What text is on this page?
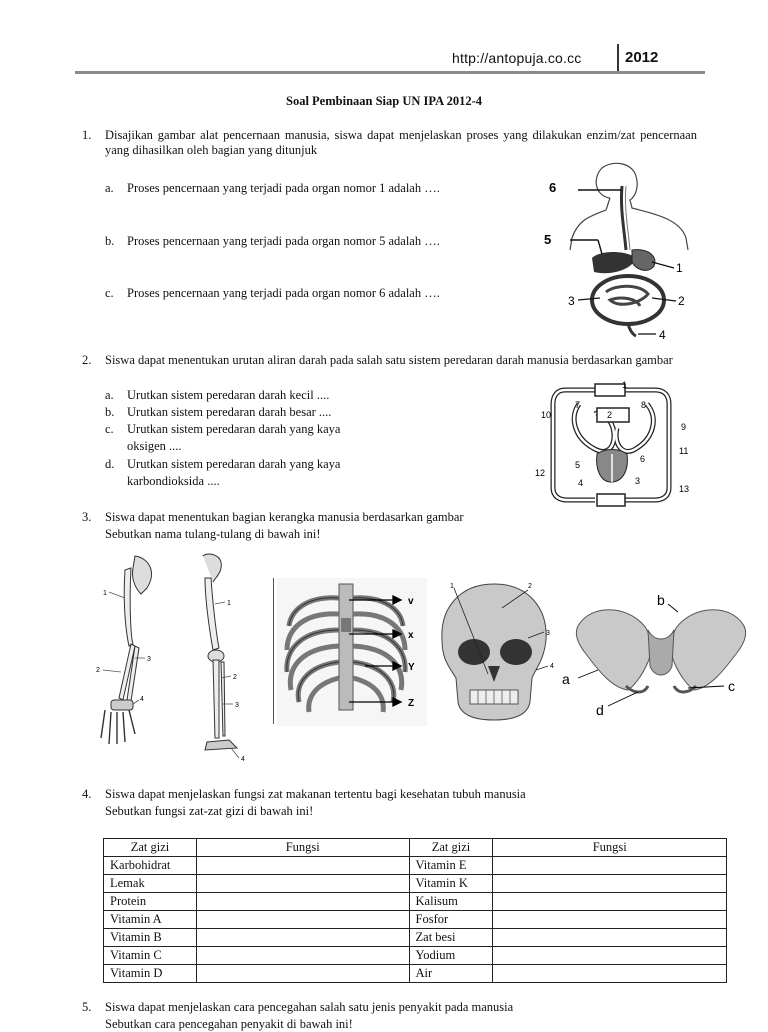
http://antopuja.co.cc	2012
Soal Pembinaan Siap UN IPA 2012-4
1. Disajikan gambar alat pencernaan manusia, siswa dapat menjelaskan proses yang dilakukan enzim/zat pencernaan yang dihasilkan oleh bagian yang ditunjuk
a. Proses pencernaan yang terjadi pada organ nomor 1 adalah ….
b. Proses pencernaan yang terjadi pada organ nomor 5 adalah ….
c. Proses pencernaan yang terjadi pada organ nomor 6 adalah ….
6
5
1
2
3
4
2. Siswa dapat menentukan urutan aliran darah pada salah satu sistem peredaran darah manusia berdasarkan gambar
a. Urutkan sistem peredaran darah kecil ....
b. Urutkan sistem peredaran darah besar ....
c. Urutkan sistem peredaran darah yang kaya
oksigen ....
d. Urutkan sistem peredaran darah yang kaya
karbondioksida ....
1
2
3
4
5
6
7	8
9
10
11
12
13
3. Siswa dapat menentukan bagian kerangka manusia berdasarkan gambar
Sebutkan nama tulang-tulang di bawah ini!
1
2
3
4
1
2
3
4
v
x
Y
Z
1	2
3
4
b
a	c
d
4. Siswa dapat menjelaskan fungsi zat makanan tertentu bagi kesehatan tubuh manusia
Sebutkan fungsi zat-zat gizi di bawah ini!
Zat gizi	Fungsi	Zat gizi	Fungsi
Karbohidrat		Vitamin E	
Lemak		Vitamin K	
Protein		Kalisum	
Vitamin A		Fosfor	
Vitamin B		Zat besi	
Vitamin C		Yodium	
Vitamin D		Air	
5. Siswa dapat menjelaskan cara pencegahan salah satu jenis penyakit pada manusia
Sebutkan cara pencegahan penyakit di bawah ini!
